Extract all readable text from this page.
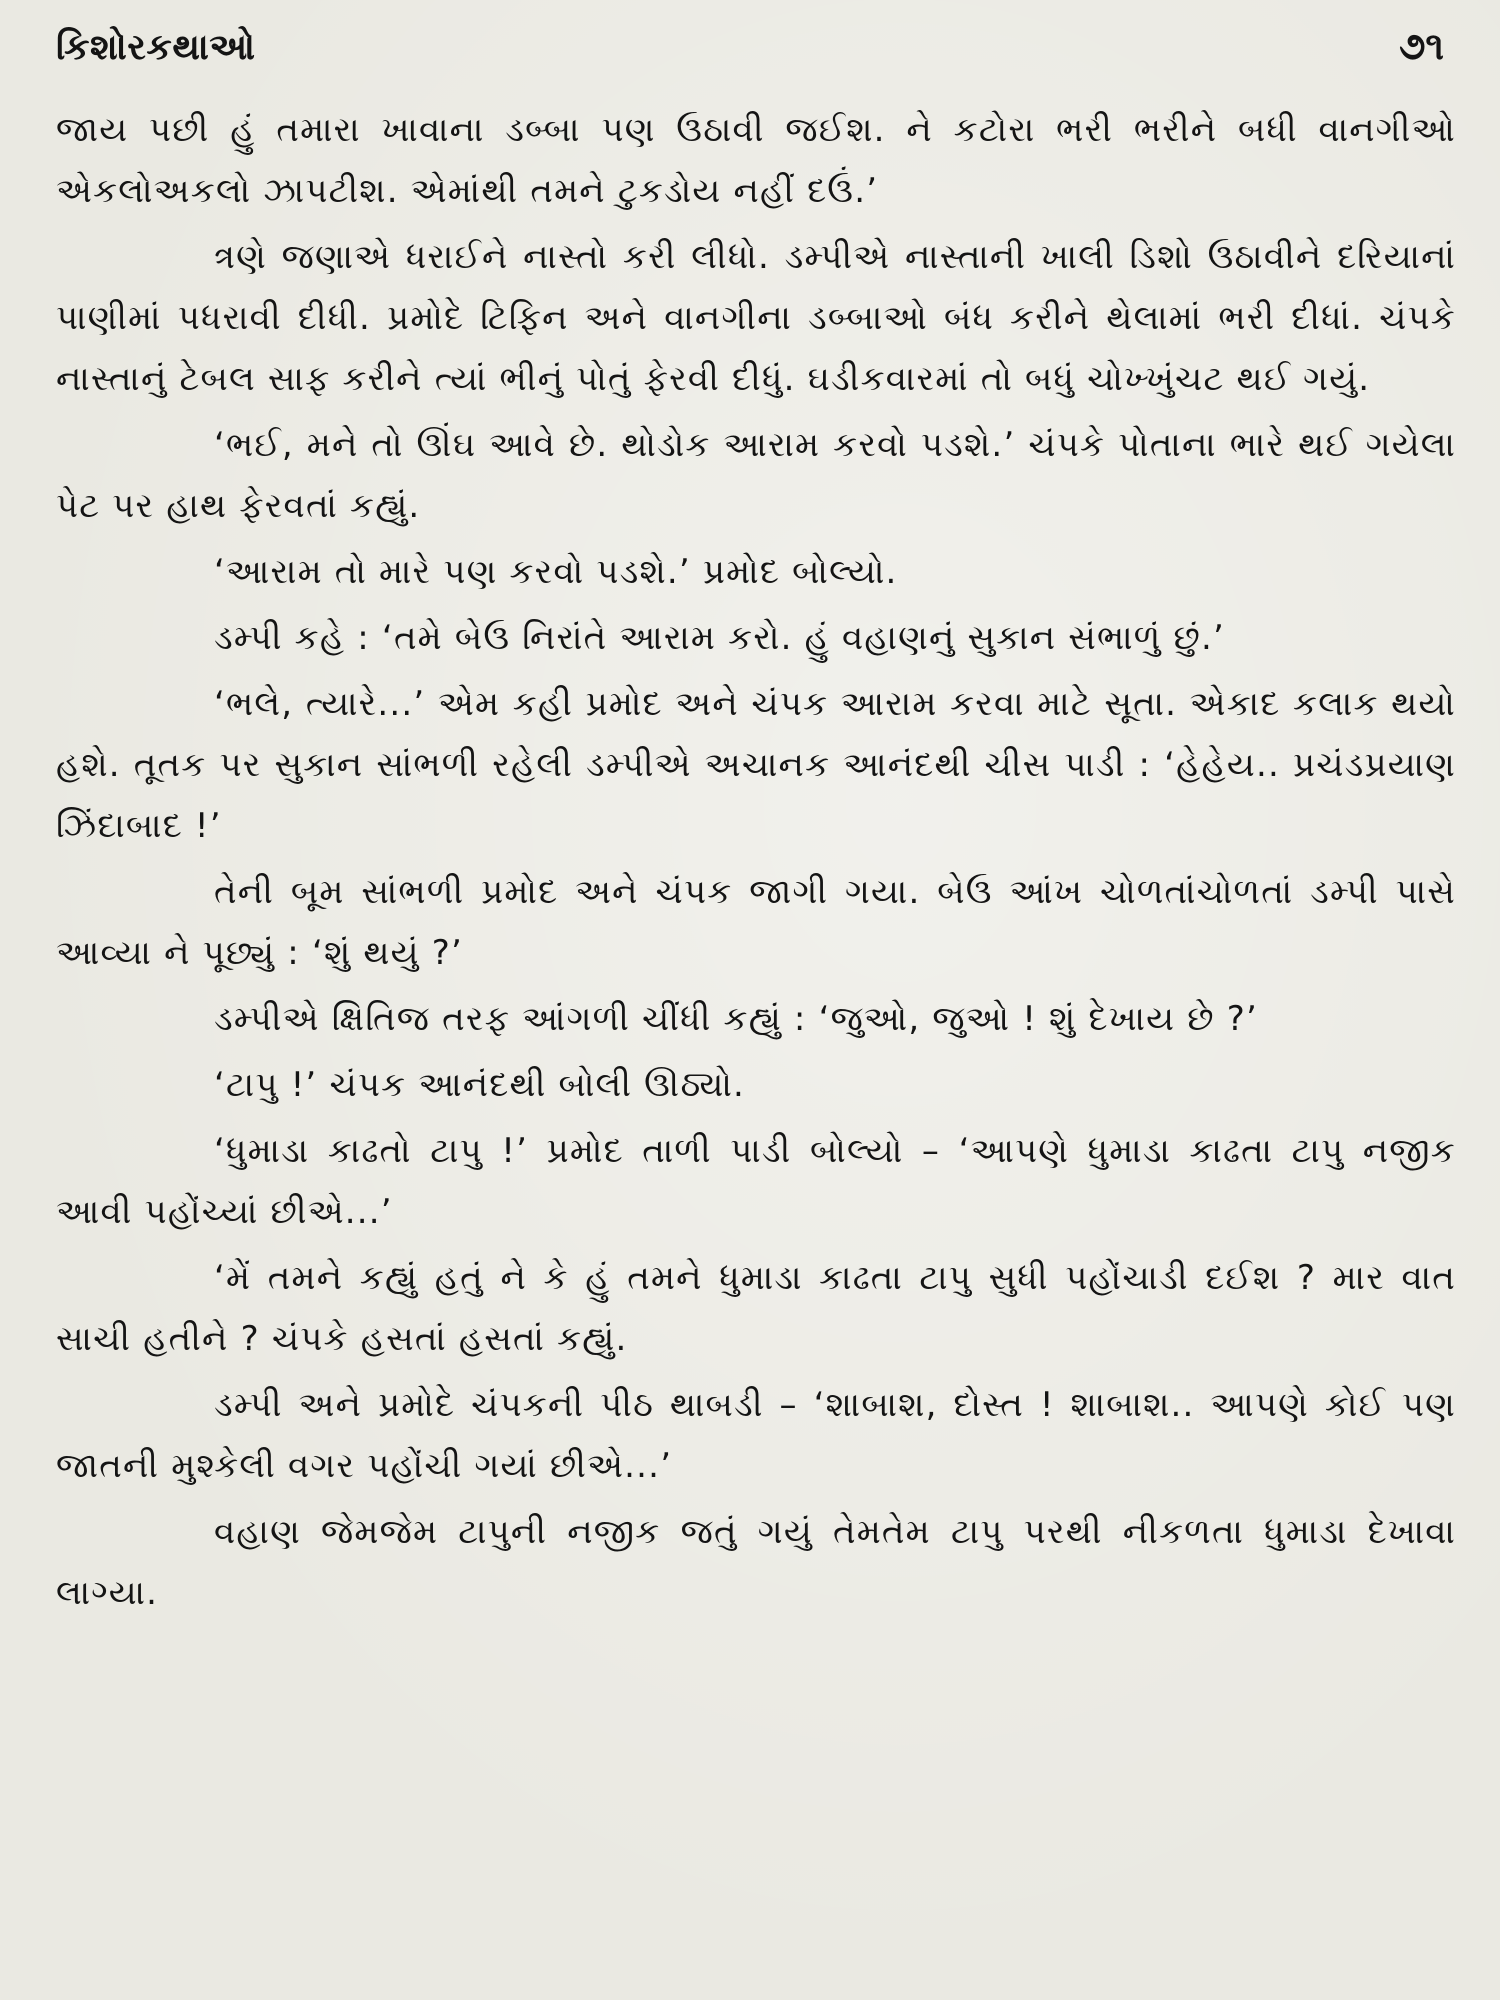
કિશોરકથાઓ	૭૧

જાય પછી હું તમારા ખાવાના ડબ્બા પણ ઉઠાવી જઈશ. ને કટોરા ભરી ભરીને બધી વાનગીઓ એકલોઅકલો ઝાપટીશ. એમાંથી તમને ટુકડોય નહીં દઉં.’

ત્રણે જણાએ ધરાઈને નાસ્તો કરી લીધો. ડમ્પીએ નાસ્તાની ખાલી ડિશો ઉઠાવીને દરિયાનાં પાણીમાં પધરાવી દીધી. પ્રમોદે ટિફિન અને વાનગીના ડબ્બાઓ બંધ કરીને થેલામાં ભરી દીધાં. ચંપકે નાસ્તાનું ટેબલ સાફ કરીને ત્યાં ભીનું પોતું ફેરવી દીધું. ઘડીકવારમાં તો બધું ચોખ્ખુંચટ થઈ ગયું.

‘ભઈ, મને તો ઊંઘ આવે છે. થોડોક આરામ કરવો પડશે.’ ચંપકે પોતાના ભારે થઈ ગયેલા પેટ પર હાથ ફેરવતાં કહ્યું.

‘આરામ તો મારે પણ કરવો પડશે.’ પ્રમોદ બોલ્યો.

ડમ્પી કહે : ‘તમે બેઉ નિરાંતે આરામ કરો. હું વહાણનું સુકાન સંભાળું છું.’

‘ભલે, ત્યારે...’ એમ કહી પ્રમોદ અને ચંપક આરામ કરવા માટે સૂતા. એકાદ કલાક થયો હશે. તૂતક પર સુકાન સાંભળી રહેલી ડમ્પીએ અચાનક આનંદથી ચીસ પાડી : ‘હેહેય.. પ્રચંડપ્રયાણ ઝિંદાબાદ !’

તેની બૂમ સાંભળી પ્રમોદ અને ચંપક જાગી ગયા. બેઉ આંખ ચોળતાંચોળતાં ડમ્પી પાસે આવ્યા ને પૂછ્યું : ‘શું થયું ?’

ડમ્પીએ ક્ષિતિજ તરફ આંગળી ચીંધી કહ્યું : ‘જુઓ, જુઓ ! શું દેખાય છે ?’

‘ટાપુ !’ ચંપક આનંદથી બોલી ઊઠ્યો.

‘ધુમાડા કાઢતો ટાપુ !’ પ્રમોદ તાળી પાડી બોલ્યો – ‘આપણે ધુમાડા કાઢતા ટાપુ નજીક આવી પહોંચ્યાં છીએ...’

‘મેં તમને કહ્યું હતું ને કે હું તમને ધુમાડા કાઢતા ટાપુ સુધી પહોંચાડી દઈશ ? માર વાત સાચી હતીને ? ચંપકે હસતાં હસતાં કહ્યું.

ડમ્પી અને પ્રમોદે ચંપકની પીઠ થાબડી – ‘શાબાશ, દોસ્ત ! શાબાશ.. આપણે કોઈ પણ જાતની મુશ્કેલી વગર પહોંચી ગયાં છીએ...’

વહાણ જેમજેમ ટાપુની નજીક જતું ગયું તેમતેમ ટાપુ પરથી નીકળતા ધુમાડા દેખાવા લાગ્યા.
